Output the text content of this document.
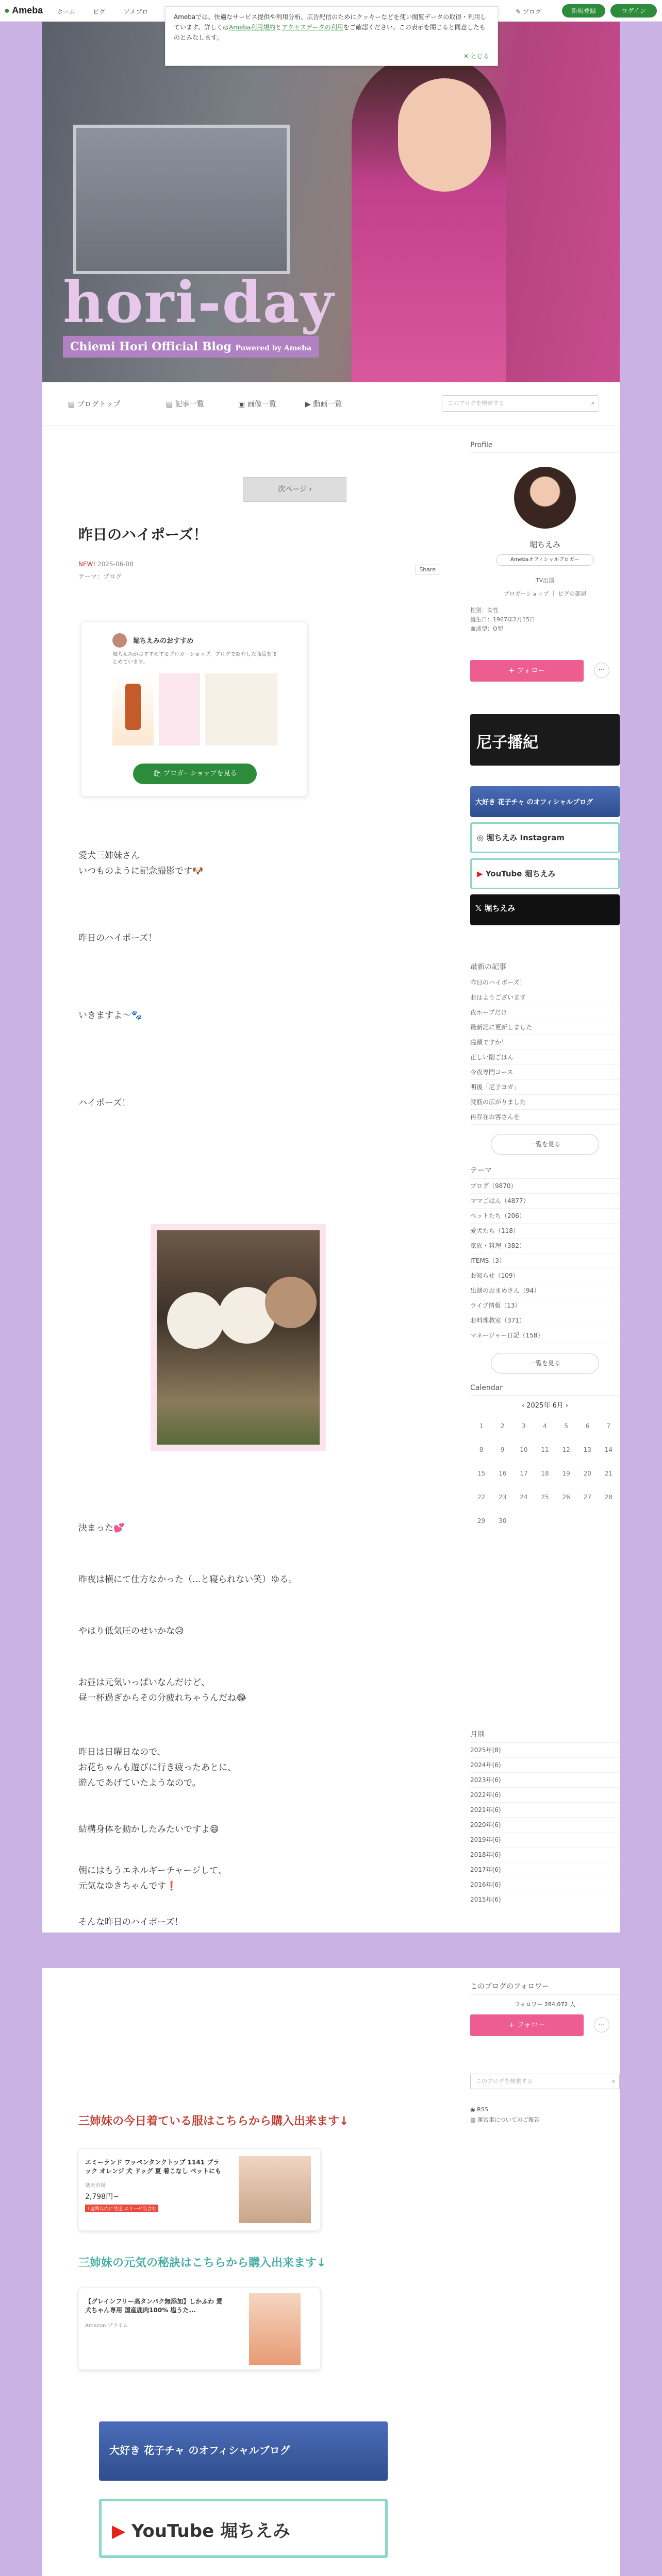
● Ameba ホーム	ピグ	アメブロ	✎ ブログ	新規登録	ログイン
Amebaでは、快適なサービス提供や利用分析、広告配信のためにクッキーなどを使い閲覧データの取得・利用しています。詳しくはAmeba利用規約とアクセスデータの利用をご確認ください。この表示を閉じると同意したものとみなします。
✕ とじる
hori-day
Chiemi Hori Official Blog Powered by Ameba
▤ ブログトップ	▤ 記事一覧	▣ 画像一覧	▶ 動画一覧	このブログを検索する	⌕
次ページ ›
昨日のハイポーズ！
NEW! 2025-06-08
Share
テーマ：ブログ
堀ちえみのおすすめ
堀ちえみがおすすめするプロガーショップ。ブログで紹介した商品をまとめています。
🛍 ブロガーショップを見る
愛犬三姉妹さん
いつものように記念撮影です🐶
昨日のハイポーズ！
いきますよ〜🐾
ハイポーズ！
決まった💕
昨夜は横にて仕方なかった（...と寝られない笑）ゆる。
やはり低気圧のせいかな😥
お昼は元気いっぱいなんだけど、
昼一杯過ぎからその分疲れちゃうんだね😂
昨日は日曜日なので、
お花ちゃんも遊びに行き疲ったあとに、
遊んであげていたようなので。
結構身体を動かしたみたいですよ😄
朝にはもうエネルギーチャージして、
元気なゆきちゃんです❗
そんな昨日のハイポーズ！
Profile
堀ちえみ
Amebaオフィシャルブロガー
TV出演
ブロガーショップ ｜ ピグの部屋
性別：女性
誕生日：1967年2月15日
血液型：O型
+ フォロー	⋯
尼子播紀
大好き 花子チャ のオフィシャルブログ
◎ 堀ちえみ Instagram
▶ YouTube 堀ちえみ
𝕏 堀ちえみ
最新の記事
昨日のハイポーズ！
おはようございます
夜ホープだけ
最新記に更新しました
寝顔ですか！
正しい剛ごはん
今夜専門コース
明後「尼子ヨガ」
就筋の広がりました
再存在お客さんを
一覧を見る
テーマ
ブログ（9870）
ママごはん（4877）
ペットたち（206）
愛犬たち（118）
家族・料理（382）
ITEMS（3）
お知らせ（109）
出演のおまめさん（94）
ライブ情報（13）
お料理教室（371）
マネージャー日記（158）
一覧を見る
Calendar
‹ 2025年 6月 ›
1	2	3	4	5	6	7
8	9	10	11	12	13	14
15	16	17	18	19	20	21
22	23	24	25	26	27	28
29	30					
月別
2025年(8)
2024年(6)
2023年(6)
2022年(6)
2021年(6)
2020年(6)
2019年(6)
2018年(6)
2017年(6)
2016年(6)
2015年(6)
三姉妹の今日着ている服はこちらから購入出来ます↓
エミーランド ワッペンタンクトップ 1141 ブラック オレンジ 犬 ドッグ 夏 着こなし ペットにも
楽天市場
2,798円~
1週間以内に発送 エリーゼ品含む
三姉妹の元気の秘訣はこちらから購入出来ます↓
【グレインフリー高タンパク無添加】しかふわ 愛犬ちゃん専用 国産鹿肉100% 塩うた...
Amazon プライム
大好き 花子チャ のオフィシャルブログ
▶ YouTube 堀ちえみ

このブログのフォロワー
フォロワー 284,072 人
+ フォロー	⋯
このブログを検索する	⌕
◉ RSS
▤ 運営事についてのご報告
